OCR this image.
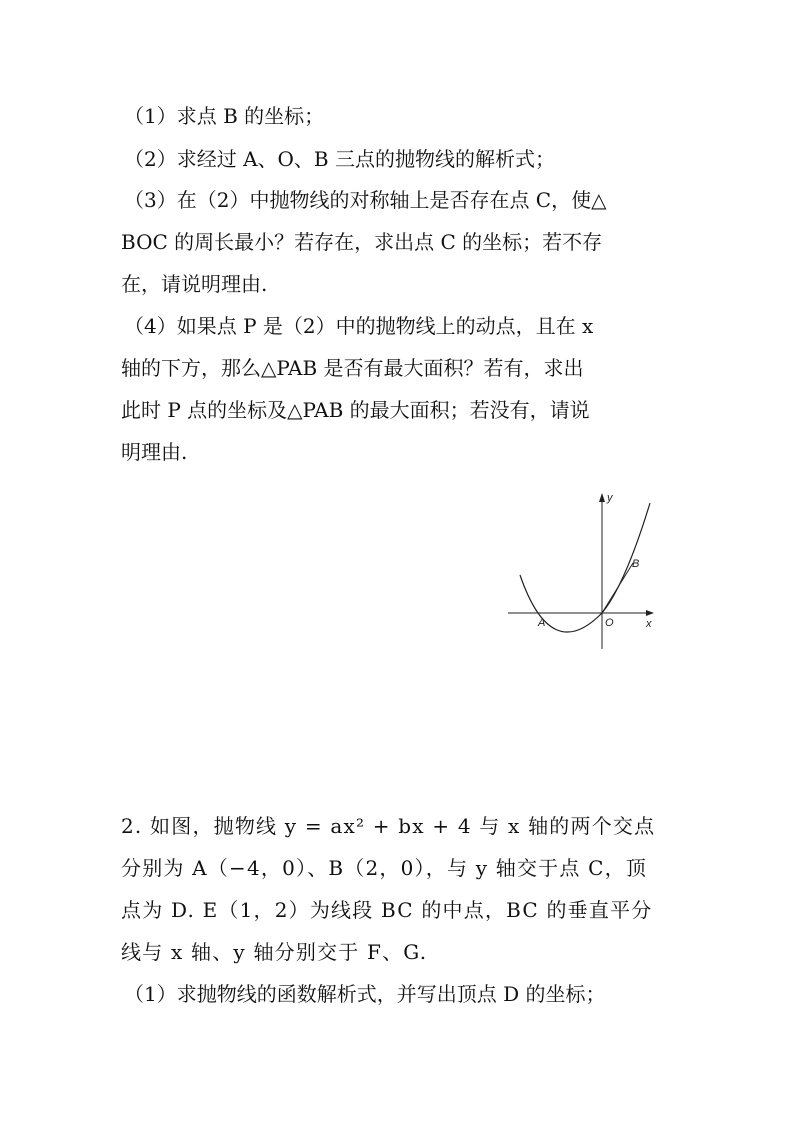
（1）求点 B 的坐标；
（2）求经过 A、O、B 三点的抛物线的解析式；
（3）在（2）中抛物线的对称轴上是否存在点 C，使△
BOC 的周长最小？若存在，求出点 C 的坐标；若不存
在，请说明理由.
（4）如果点 P 是（2）中的抛物线上的动点，且在 x
轴的下方，那么△PAB 是否有最大面积？若有，求出
此时 P 点的坐标及△PAB 的最大面积；若没有，请说
明理由.
y
x
A	O
B
2. 如图，抛物线 y = ax² + bx + 4 与 x 轴的两个交点
分别为 A（−4，0）、B（2，0），与 y 轴交于点 C，顶
点为 D. E（1，2）为线段 BC 的中点，BC 的垂直平分
线与 x 轴、y 轴分别交于 F、G.
（1）求抛物线的函数解析式，并写出顶点 D 的坐标；
